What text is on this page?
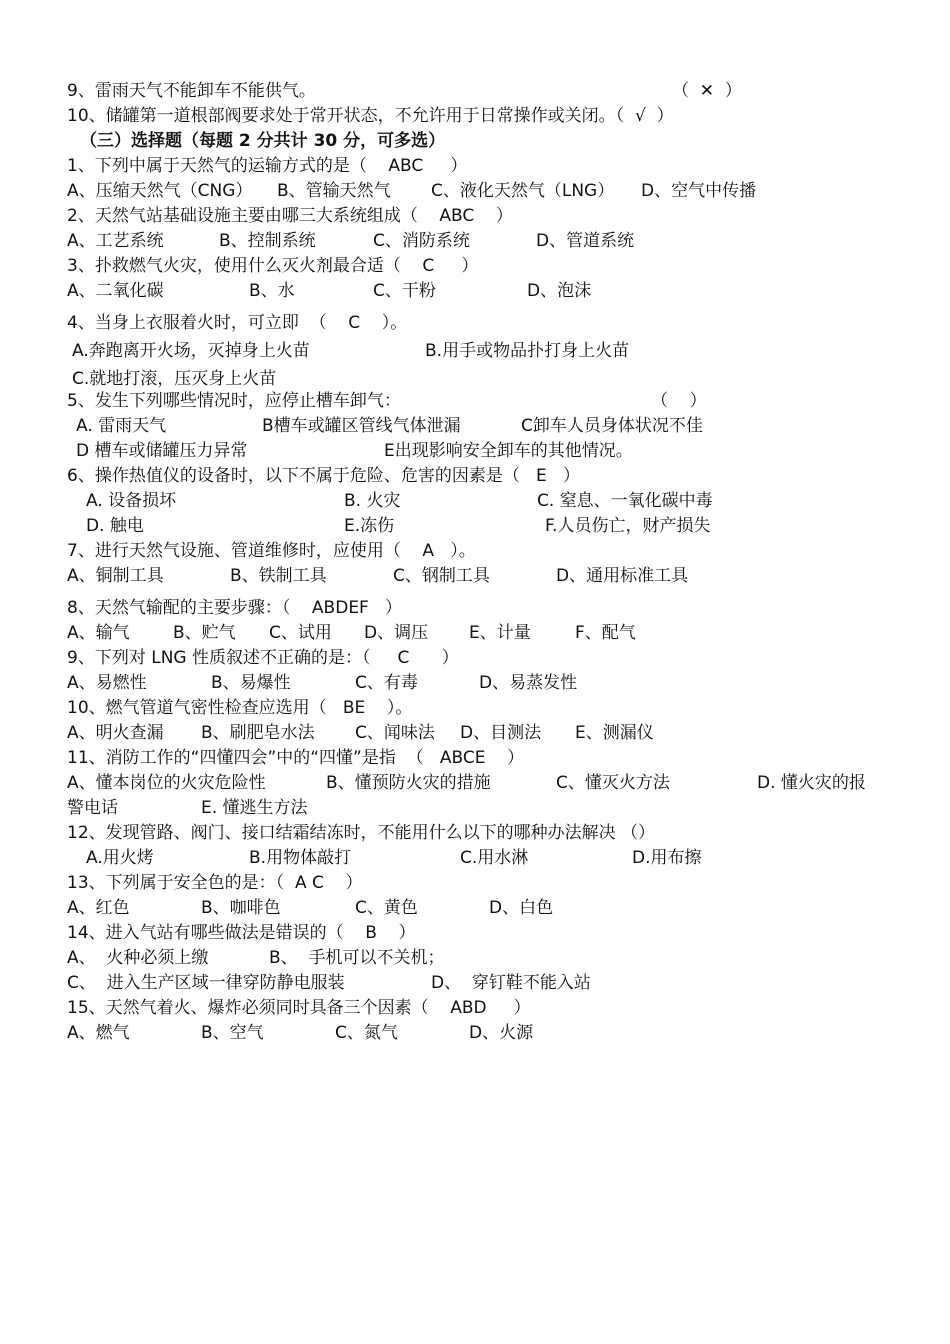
9、雷雨天气不能卸车不能供气。

	（  ✕  ）

10、储罐第一道根部阀要求处于常开状态，不允许用于日常操作或关闭。（  √  ）

（三）选择题（每题 2 分共计 30 分，可多选）

1、下列中属于天然气的运输方式的是（    ABC     ）

A、压缩天然气（CNG）

B、管输天然气

C、液化天然气（LNG）

D、空气中传播

2、天然气站基础设施主要由哪三大系统组成（    ABC    ）

A、工艺系统

	B、控制系统

	C、消防系统

	D、管道系统

3、扑救燃气火灾，使用什么灭火剂最合适（    C     ）

A、二氧化碳

	B、水

	C、干粉

	D、泡沫

4、当身上衣服着火时，可立即  （    C    ）。

A.奔跑离开火场，灭掉身上火苗

	B.用手或物品扑打身上火苗

C.就地打滚，压灭身上火苗

5、发生下列哪些情况时，应停止槽车卸气：

	（    ）

A. 雷雨天气

	B槽车或罐区管线气体泄漏

	C卸车人员身体状况不佳

D 槽车或储罐压力异常

	E出现影响安全卸车的其他情况。

6、操作热值仪的设备时，以下不属于危险、危害的因素是（   E   ）

A. 设备损坏

	B. 火灾

	C. 窒息、一氧化碳中毒

D. 触电

	E.冻伤

	F.人员伤亡，财产损失

7、进行天然气设施、管道维修时，应使用（    A   ）。

A、铜制工具

	B、铁制工具

	C、钢制工具

	D、通用标准工具

8、天然气输配的主要步骤：（    ABDEF   ）

A、输气

	B、贮气

C、试用

D、调压

E、计量

	F、配气

9、下列对 LNG 性质叙述不正确的是：（     C      ）

A、易燃性

	B、易爆性

	C、有毒

	D、易蒸发性

10、燃气管道气密性检查应选用（   BE    ）。

A、明火查漏

B、刷肥皂水法

C、闻味法

D、目测法

E、测漏仪

11、消防工作的“四懂四会”中的“四懂”是指  （   ABCE    ）

A、懂本岗位的火灾危险性

	B、懂预防火灾的措施

	C、懂灭火方法

	D. 懂火灾的报

警电话

	E. 懂逃生方法

12、发现管路、阀门、接口结霜结冻时，不能用什么以下的哪种办法解决 （）

A.用火烤

	B.用物体敲打

	C.用水淋

	D.用布擦

13、下列属于安全色的是：（  A C    ）

A、红色

	B、咖啡色

	C、黄色

	D、白色

14、进入气站有哪些做法是错误的（    B    ）

A、  火种必须上缴

	B、  手机可以不关机；

C、  进入生产区域一律穿防静电服装

	D、  穿钉鞋不能入站

15、天然气着火、爆炸必须同时具备三个因素（    ABD     ）

A、燃气

	B、空气

	C、氮气

	D、火源
